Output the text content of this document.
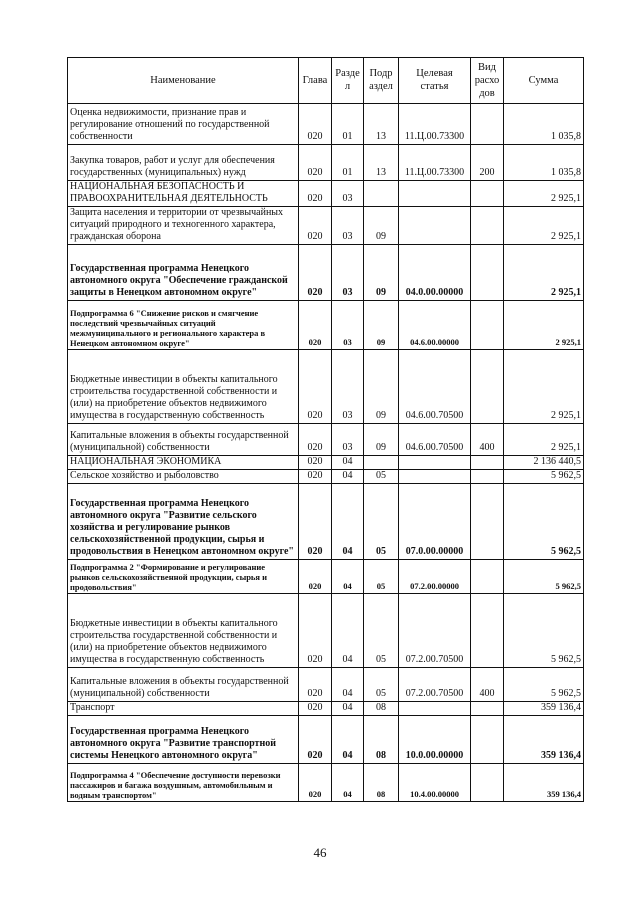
Наименование	Глава	Разде л	Подр аздел	Целевая статья	Вид расхо дов	Сумма
Оценка недвижимости, признание прав и регулирование отношений по государственной собственности	020	01	13	11.Ц.00.73300		1 035,8
Закупка товаров, работ и услуг для обеспечения государственных (муниципальных) нужд	020	01	13	11.Ц.00.73300	200	1 035,8
НАЦИОНАЛЬНАЯ БЕЗОПАСНОСТЬ И ПРАВООХРАНИТЕЛЬНАЯ ДЕЯТЕЛЬНОСТЬ	020	03				2 925,1
Защита населения и территории от чрезвычайных ситуаций природного и техногенного характера, гражданская оборона	020	03	09			2 925,1
Государственная программа Ненецкого автономного округа "Обеспечение гражданской защиты в Ненецком автономном округе"	020	03	09	04.0.00.00000		2 925,1
Подпрограмма 6 "Снижение рисков и смягчение последствий чрезвычайных ситуаций межмуниципального и регионального характера в Ненецком автономном округе"	020	03	09	04.6.00.00000		2 925,1
Бюджетные инвестиции в объекты капитального строительства государственной собственности и (или) на приобретение объектов недвижимого имущества в государственную собственность	020	03	09	04.6.00.70500		2 925,1
Капитальные вложения в объекты государственной (муниципальной) собственности	020	03	09	04.6.00.70500	400	2 925,1
НАЦИОНАЛЬНАЯ ЭКОНОМИКА	020	04				2 136 440,5
Сельское хозяйство и рыболовство	020	04	05			5 962,5
Государственная программа Ненецкого автономного округа "Развитие сельского хозяйства и регулирование рынков сельскохозяйственной продукции, сырья и продовольствия в Ненецком автономном округе"	020	04	05	07.0.00.00000		5 962,5
Подпрограмма 2 "Формирование и регулирование рынков сельскохозяйственной продукции, сырья и продовольствия"	020	04	05	07.2.00.00000		5 962,5
Бюджетные инвестиции в объекты капитального строительства государственной собственности и (или) на приобретение объектов недвижимого имущества в государственную собственность	020	04	05	07.2.00.70500		5 962,5
Капитальные вложения в объекты государственной (муниципальной) собственности	020	04	05	07.2.00.70500	400	5 962,5
Транспорт	020	04	08			359 136,4
Государственная программа Ненецкого автономного округа "Развитие транспортной системы Ненецкого автономного округа"	020	04	08	10.0.00.00000		359 136,4
Подпрограмма 4 "Обеспечение доступности перевозки пассажиров и багажа воздушным, автомобильным и водным транспортом"	020	04	08	10.4.00.00000		359 136,4
46
